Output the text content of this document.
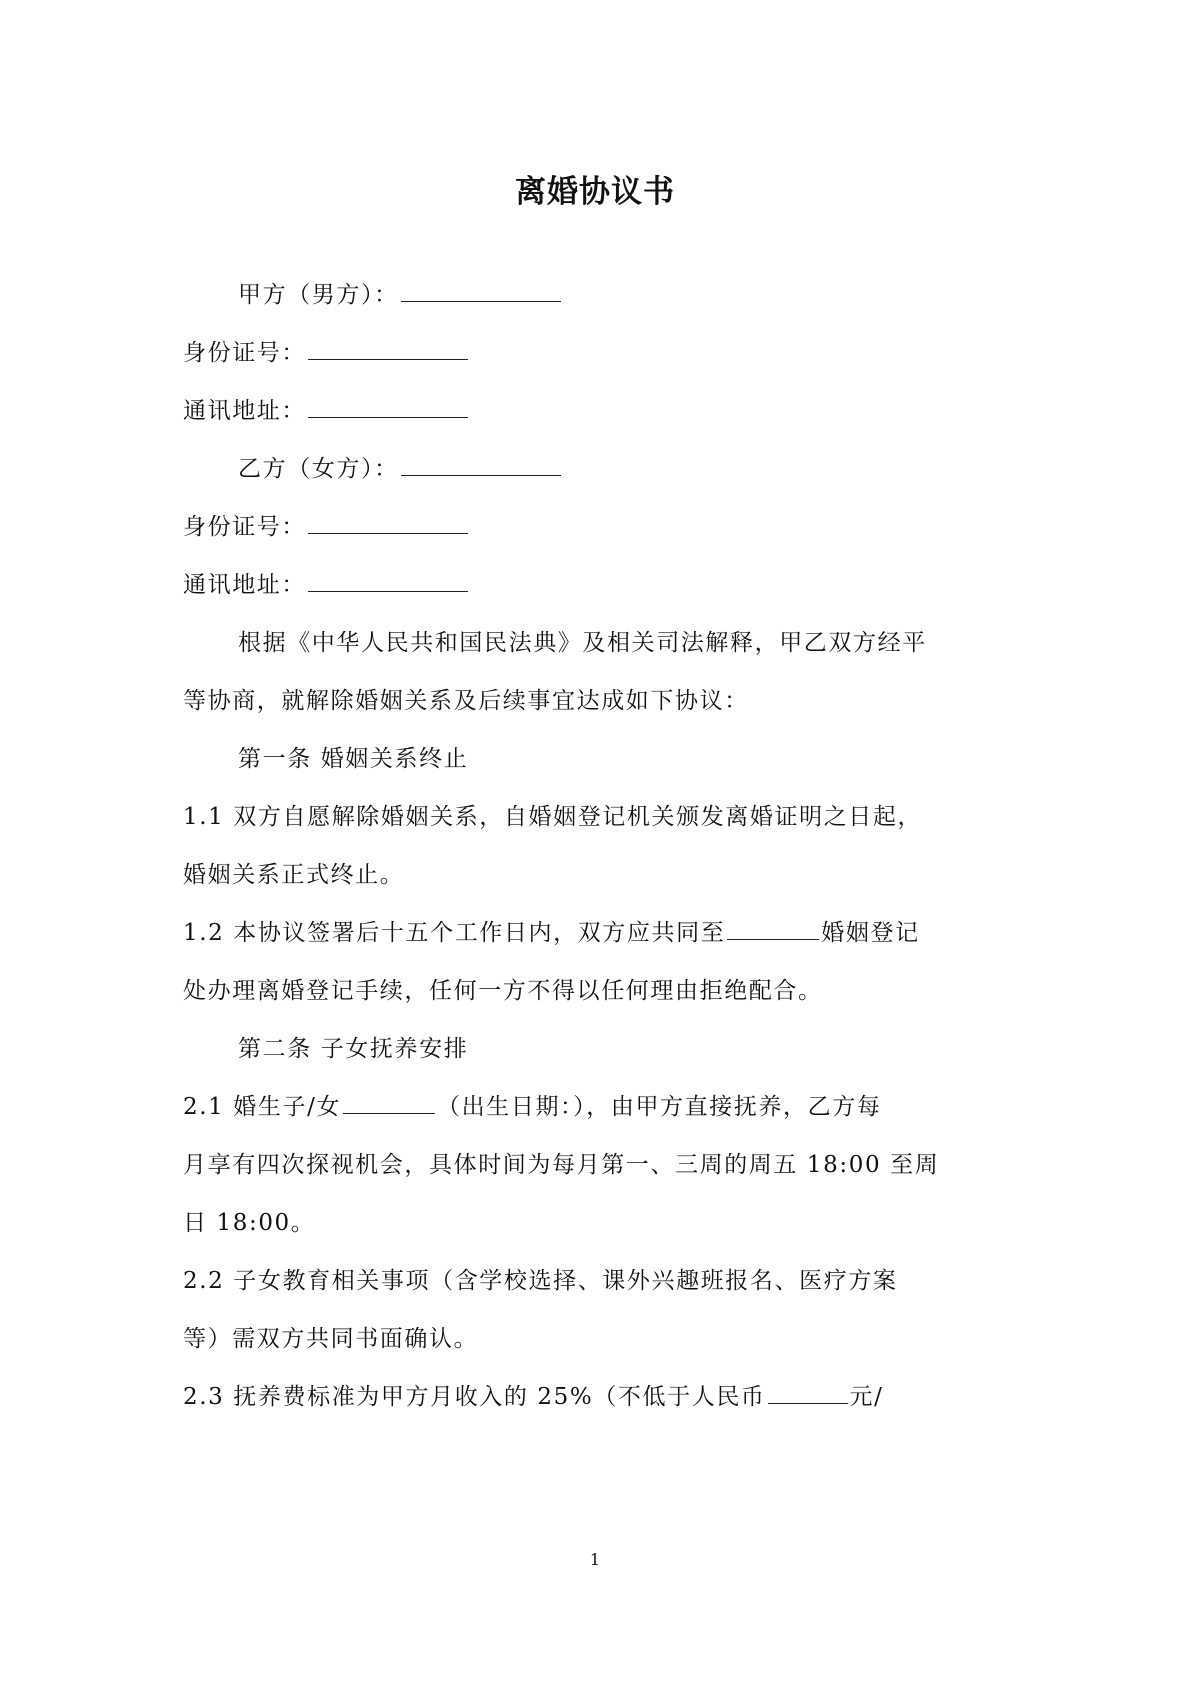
离婚协议书
甲方（男方）：
身份证号：
通讯地址：
乙方（女方）：
身份证号：
通讯地址：
根据《中华人民共和国民法典》及相关司法解释，甲乙双方经平
等协商，就解除婚姻关系及后续事宜达成如下协议：
第一条 婚姻关系终止
1.1 双方自愿解除婚姻关系，自婚姻登记机关颁发离婚证明之日起，
婚姻关系正式终止。
1.2 本协议签署后十五个工作日内，双方应共同至	婚姻登记
处办理离婚登记手续，任何一方不得以任何理由拒绝配合。
第二条 子女抚养安排
2.1 婚生子/女	（出生日期：），由甲方直接抚养，乙方每
月享有四次探视机会，具体时间为每月第一、三周的周五 18:00 至周
日 18:00。
2.2 子女教育相关事项（含学校选择、课外兴趣班报名、医疗方案
等）需双方共同书面确认。
2.3 抚养费标准为甲方月收入的 25%（不低于人民币	元/
1
